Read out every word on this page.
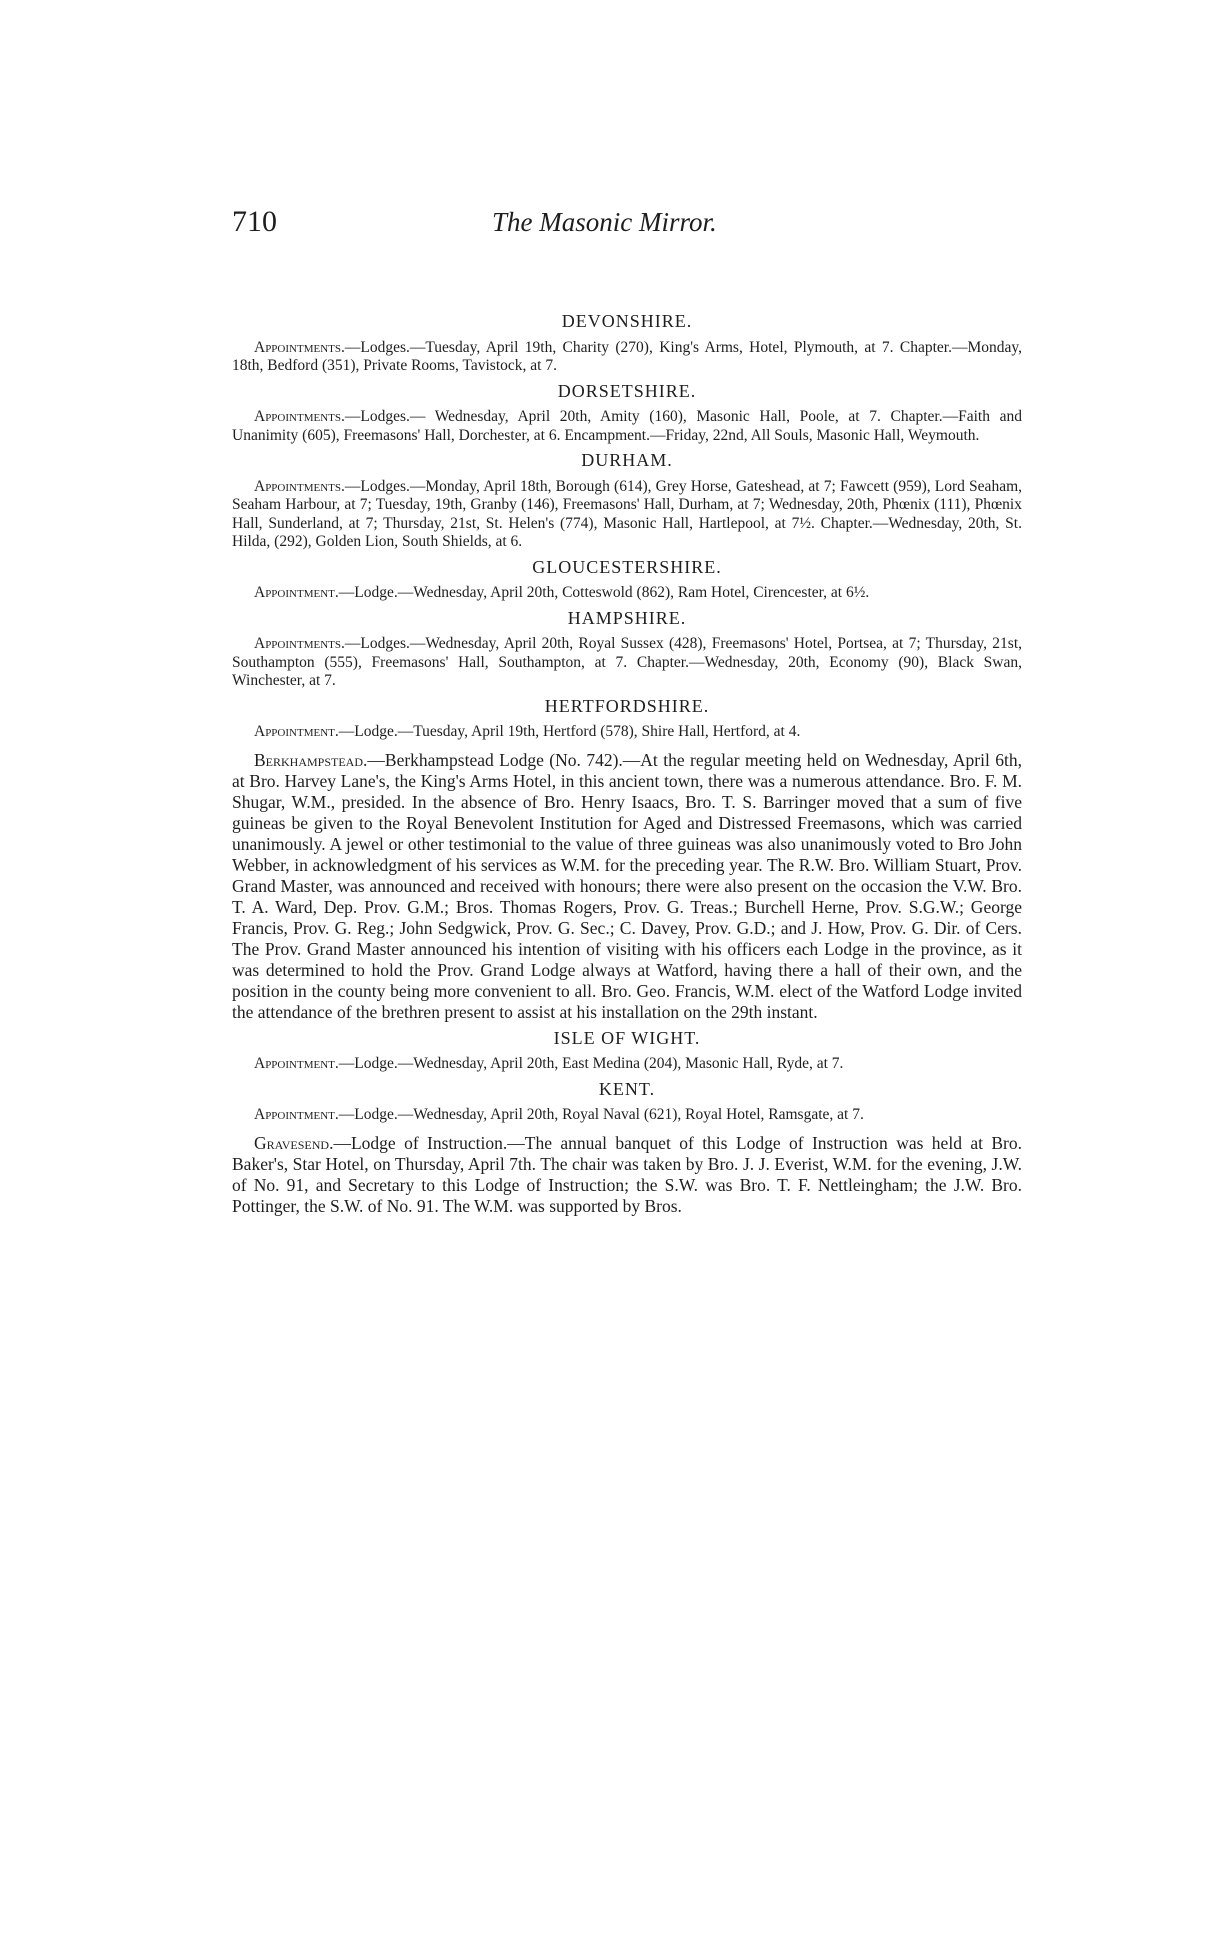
710	The Masonic Mirror.
DEVONSHIRE.

Appointments.—Lodges.—Tuesday, April 19th, Charity (270), King's Arms, Hotel, Plymouth, at 7. Chapter.—Monday, 18th, Bedford (351), Private Rooms, Tavistock, at 7.

DORSETSHIRE.

Appointments.—Lodges.— Wednesday, April 20th, Amity (160), Masonic Hall, Poole, at 7. Chapter.—Faith and Unanimity (605), Freemasons' Hall, Dorchester, at 6. Encampment.—Friday, 22nd, All Souls, Masonic Hall, Weymouth.

DURHAM.

Appointments.—Lodges.—Monday, April 18th, Borough (614), Grey Horse, Gateshead, at 7; Fawcett (959), Lord Seaham, Seaham Harbour, at 7; Tuesday, 19th, Granby (146), Freemasons' Hall, Durham, at 7; Wednesday, 20th, Phœnix (111), Phœnix Hall, Sunderland, at 7; Thursday, 21st, St. Helen's (774), Masonic Hall, Hartlepool, at 7½. Chapter.—Wednesday, 20th, St. Hilda, (292), Golden Lion, South Shields, at 6.

GLOUCESTERSHIRE.

Appointment.—Lodge.—Wednesday, April 20th, Cotteswold (862), Ram Hotel, Cirencester, at 6½.

HAMPSHIRE.

Appointments.—Lodges.—Wednesday, April 20th, Royal Sussex (428), Freemasons' Hotel, Portsea, at 7; Thursday, 21st, Southampton (555), Freemasons' Hall, Southampton, at 7. Chapter.—Wednesday, 20th, Economy (90), Black Swan, Winchester, at 7.

HERTFORDSHIRE.

Appointment.—Lodge.—Tuesday, April 19th, Hertford (578), Shire Hall, Hertford, at 4.

Berkhampstead.—Berkhampstead Lodge (No. 742).—At the regular meeting held on Wednesday, April 6th, at Bro. Harvey Lane's, the King's Arms Hotel, in this ancient town, there was a numerous attendance. Bro. F. M. Shugar, W.M., presided. In the absence of Bro. Henry Isaacs, Bro. T. S. Barringer moved that a sum of five guineas be given to the Royal Benevolent Institution for Aged and Distressed Freemasons, which was carried unanimously. A jewel or other testimonial to the value of three guineas was also unanimously voted to Bro John Webber, in acknowledgment of his services as W.M. for the preceding year. The R.W. Bro. William Stuart, Prov. Grand Master, was announced and received with honours; there were also present on the occasion the V.W. Bro. T. A. Ward, Dep. Prov. G.M.; Bros. Thomas Rogers, Prov. G. Treas.; Burchell Herne, Prov. S.G.W.; George Francis, Prov. G. Reg.; John Sedgwick, Prov. G. Sec.; C. Davey, Prov. G.D.; and J. How, Prov. G. Dir. of Cers. The Prov. Grand Master announced his intention of visiting with his officers each Lodge in the province, as it was determined to hold the Prov. Grand Lodge always at Watford, having there a hall of their own, and the position in the county being more convenient to all. Bro. Geo. Francis, W.M. elect of the Watford Lodge invited the attendance of the brethren present to assist at his installation on the 29th instant.

ISLE OF WIGHT.

Appointment.—Lodge.—Wednesday, April 20th, East Medina (204), Masonic Hall, Ryde, at 7.

KENT.

Appointment.—Lodge.—Wednesday, April 20th, Royal Naval (621), Royal Hotel, Ramsgate, at 7.

Gravesend.—Lodge of Instruction.—The annual banquet of this Lodge of Instruction was held at Bro. Baker's, Star Hotel, on Thursday, April 7th. The chair was taken by Bro. J. J. Everist, W.M. for the evening, J.W. of No. 91, and Secretary to this Lodge of Instruction; the S.W. was Bro. T. F. Nettleingham; the J.W. Bro. Pottinger, the S.W. of No. 91. The W.M. was supported by Bros.
